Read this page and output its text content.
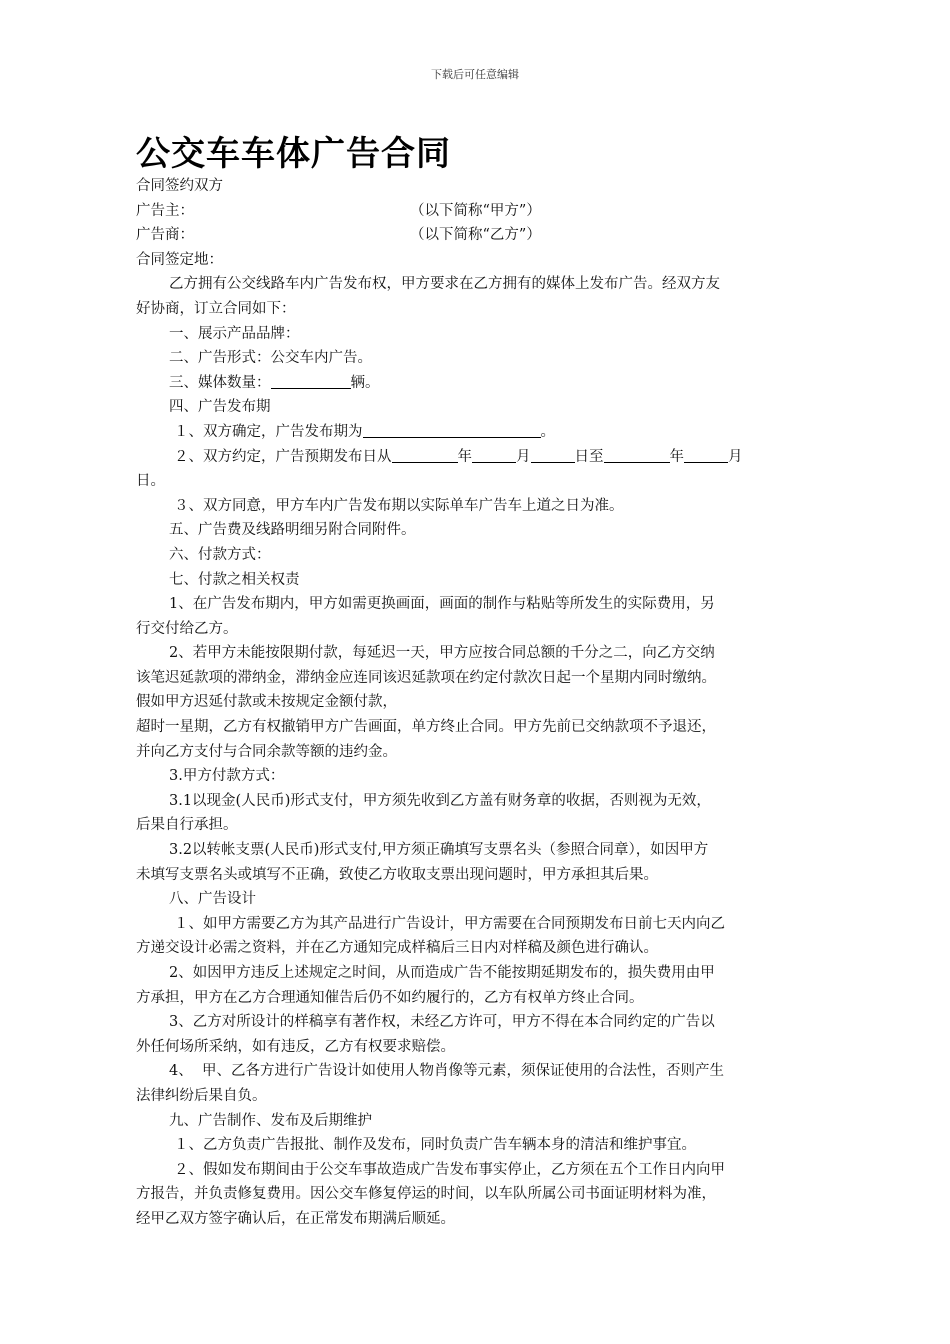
下载后可任意编辑
公交车车体广告合同
合同签约双方
广告主：	（以下简称“甲方”）
广告商：	（以下简称“乙方”）
合同签定地：
乙方拥有公交线路车内广告发布权，甲方要求在乙方拥有的媒体上发布广告。经双方友
好协商，订立合同如下：
一、展示产品品牌：
二、广告形式：公交车内广告。
三、媒体数量：	辆。
四、广告发布期
１、双方确定，广告发布期为	。
２、双方约定，广告预期发布日从	年	月	日至	年	月
日。
３、双方同意，甲方车内广告发布期以实际单车广告车上道之日为准。
五、广告费及线路明细另附合同附件。
六、付款方式：
七、付款之相关权责
1、在广告发布期内，甲方如需更换画面，画面的制作与粘贴等所发生的实际费用，另
行交付给乙方。
2、若甲方未能按限期付款，每延迟一天，甲方应按合同总额的千分之二，向乙方交纳
该笔迟延款项的滞纳金，滞纳金应连同该迟延款项在约定付款次日起一个星期内同时缴纳。
假如甲方迟延付款或未按规定金额付款，
超时一星期，乙方有权撤销甲方广告画面，单方终止合同。甲方先前已交纳款项不予退还，
并向乙方支付与合同余款等额的违约金。
3.甲方付款方式：
3.1以现金(人民币)形式支付，甲方须先收到乙方盖有财务章的收据，否则视为无效，
后果自行承担。
3.2以转帐支票(人民币)形式支付,甲方须正确填写支票名头（参照合同章），如因甲方
未填写支票名头或填写不正确，致使乙方收取支票出现问题时，甲方承担其后果。
八、广告设计
１、如甲方需要乙方为其产品进行广告设计，甲方需要在合同预期发布日前七天内向乙
方递交设计必需之资料，并在乙方通知完成样稿后三日内对样稿及颜色进行确认。
2、如因甲方违反上述规定之时间，从而造成广告不能按期延期发布的，损失费用由甲
方承担，甲方在乙方合理通知催告后仍不如约履行的，乙方有权单方终止合同。
3、乙方对所设计的样稿享有著作权，未经乙方许可，甲方不得在本合同约定的广告以
外任何场所采纳，如有违反，乙方有权要求赔偿。
4、  甲、乙各方进行广告设计如使用人物肖像等元素，须保证使用的合法性，否则产生
法律纠纷后果自负。
九、广告制作、发布及后期维护
１、乙方负责广告报批、制作及发布，同时负责广告车辆本身的清洁和维护事宜。
２、假如发布期间由于公交车事故造成广告发布事实停止，乙方须在五个工作日内向甲
方报告，并负责修复费用。因公交车修复停运的时间，以车队所属公司书面证明材料为准，
经甲乙双方签字确认后，在正常发布期满后顺延。
